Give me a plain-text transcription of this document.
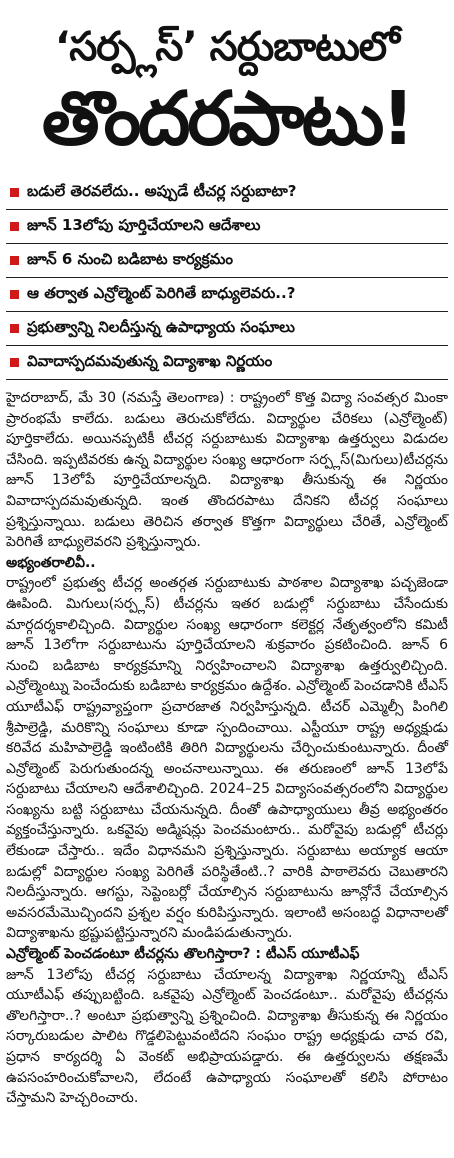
‘సర్ప్లస్’ సర్దుబాటులో
తొందరపాటు!
బడులే తెరవలేదు.. అప్పుడే టీచర్ల సర్దుబాటా?
జూన్ 13లోపు పూర్తిచేయాలని ఆదేశాలు
జూన్ 6 నుంచి బడిబాట కార్యక్రమం
ఆ తర్వాత ఎన్రోల్మెంట్ పెరిగితే బాధ్యులెవరు..?
ప్రభుత్వాన్ని నిలదీస్తున్న ఉపాధ్యాయ సంఘాలు
వివాదాస్పదమవుతున్న విద్యాశాఖ నిర్ణయం

హైదరాబాద్, మే 30 (నమస్తే తెలంగాణ) : రాష్ట్రంలో కొత్త విద్యా సంవత్సర మింకా ప్రారంభమే కాలేదు. బడులు తెరుచుకోలేదు. విద్యార్థుల చేరికలు (ఎన్రోల్మెంట్) పూర్తికాలేదు. అయినప్పటికీ టీచర్ల సర్దుబాటుకు విద్యాశాఖ ఉత్తర్వులు విడుదల చేసింది. ఇప్పటివరకు ఉన్న విద్యార్థుల సంఖ్య ఆధారంగా సర్ప్లస్(మిగులు)టీచర్లను జూన్ 13లోపే పూర్తిచేయాలన్నది. విద్యాశాఖ తీసుకున్న ఈ నిర్ణయం వివాదాస్పదమవుతున్నది. ఇంత తొందరపాటు దేనికని టీచర్ల సంఘాలు ప్రశ్నిస్తున్నాయి. బడులు తెరిచిన తర్వాత కొత్తగా విద్యార్థులు చేరితే, ఎన్రోల్మెంట్ పెరిగితే బాధ్యులెవరని ప్రశ్నిస్తున్నారు.

అభ్యంతరాలివీ..

రాష్ట్రంలో ప్రభుత్వ టీచర్ల అంతర్గత సర్దుబాటుకు పాఠశాల విద్యాశాఖ పచ్చజెండా ఊపింది. మిగులు(సర్ప్లస్) టీచర్లను ఇతర బడుల్లో సర్దుబాటు చేసేందుకు మార్గదర్శకాలిచ్చింది. విద్యార్థుల సంఖ్య ఆధారంగా కలెక్టర్ల నేతృత్వంలోని కమిటీ జూన్ 13లోగా సర్దుబాటును పూర్తిచేయాలని శుక్రవారం ప్రకటించింది. జూన్ 6 నుంచి బడిబాట కార్యక్రమాన్ని నిర్వహించాలని విద్యాశాఖ ఉత్తర్వులిచ్చింది. ఎన్రోల్మెంట్ను పెంచేందుకు బడిబాట కార్యక్రమం ఉద్దేశం. ఎన్రోల్మెంట్ పెంచడానికి టీఎస్ యూటీఎఫ్ రాష్ట్రవ్యాప్తంగా ప్రచారజాత నిర్వహిస్తున్నది. టీచర్ ఎమ్మెల్సీ పింగిలి శ్రీపాల్రెడ్డి, మరికొన్ని సంఘాలు కూడా స్పందించాయి. ఎస్టీయూ రాష్ట్ర అధ్యక్షుడు కరివేద మహిపాల్రెడ్డి ఇంటింటికి తిరిగి విద్యార్థులను చేర్పించుకుంటున్నారు. దీంతో ఎన్రోల్మెంట్ పెరుగుతుందన్న అంచనాలున్నాయి. ఈ తరుణంలో జూన్ 13లోపే సర్దుబాటు చేయాలని ఆదేశాలిచ్చింది. 2024–25 విద్యాసంవత్సరంలోని విద్యార్థుల సంఖ్యను బట్టి సర్దుబాటు చేయనున్నది. దీంతో ఉపాధ్యాయులు తీవ్ర అభ్యంతరం వ్యక్తంచేస్తున్నారు. ఒకవైపు అడ్మిషన్లు పెంచమంటారు.. మరోవైపు బడుల్లో టీచర్లు లేకుండా చేస్తారు.. ఇదేం విధానమని ప్రశ్నిస్తున్నారు. సర్దుబాటు అయ్యాక ఆయా బడుల్లో విద్యార్థుల సంఖ్య పెరిగితే పరిస్థితేంటి..? వారికి పాఠాలెవరు చెబుతారని నిలదీస్తున్నారు. ఆగస్టు, సెప్టెంబర్లో చేయాల్సిన సర్దుబాటును జూన్లోనే చేయాల్సిన అవసరమేమొచ్చిందని ప్రశ్నల వర్షం కురిపిస్తున్నారు. ఇలాంటి అసంబద్ధ విధానాలతో విద్యాశాఖను భ్రష్టుపట్టిస్తున్నారని మండిపడుతున్నారు.

ఎన్రోల్మెంట్ పెంచడంటూ టీచర్లను తొలగిస్తారా? : టీఎస్ యూటీఎఫ్

జూన్ 13లోపు టీచర్ల సర్దుబాటు చేయాలన్న విద్యాశాఖ నిర్ణయాన్ని టీఎస్ యూటీఎఫ్ తప్పుబట్టింది. ఒకవైపు ఎన్రోల్మెంట్ పెంచడంటూ.. మరోవైపు టీచర్లను తొలగిస్తారా..? అంటూ ప్రభుత్వాన్ని ప్రశ్నించింది. విద్యాశాఖ తీసుకున్న ఈ నిర్ణయం సర్కారుబడుల పాలిట గొడ్డలిపెట్టువంటిదని సంఘం రాష్ట్ర అధ్యక్షుడు చావ రవి, ప్రధాన కార్యదర్శి ఏ వెంకట్ అభిప్రాయపడ్డారు. ఈ ఉత్తర్వులను తక్షణమే ఉపసంహరించుకోవాలని, లేదంటే ఉపాధ్యాయ సంఘాలతో కలిసి పోరాటం చేస్తామని హెచ్చరించారు.
